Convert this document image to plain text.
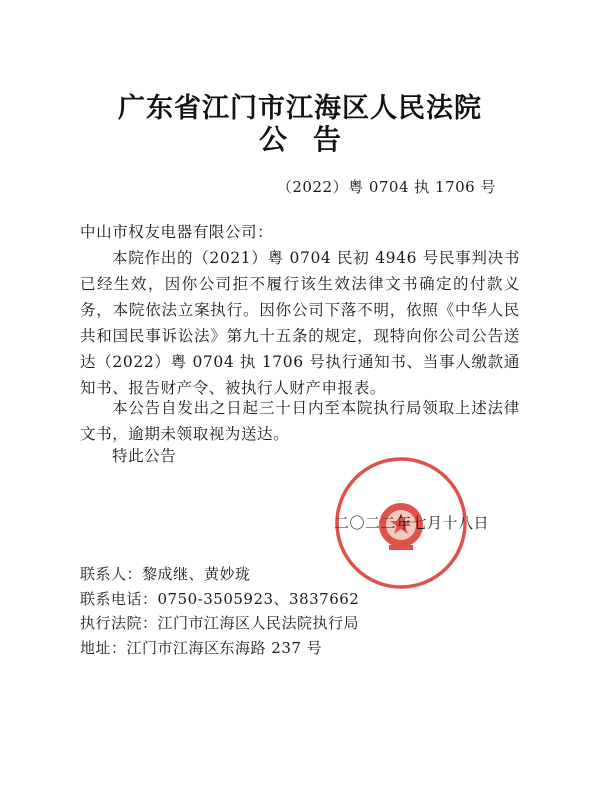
广东省江门市江海区人民法院
公告
（2022）粤 0704 执 1706 号
中山市权友电器有限公司：
本院作出的（2021）粤 0704 民初 4946 号民事判决书已经生效，因你公司拒不履行该生效法律文书确定的付款义务，本院依法立案执行。因你公司下落不明，依照《中华人民共和国民事诉讼法》第九十五条的规定，现特向你公司公告送达（2022）粤 0704 执 1706 号执行通知书、当事人缴款通知书、报告财产令、被执行人财产申报表。
本公告自发出之日起三十日内至本院执行局领取上述法律文书，逾期未领取视为送达。
特此公告
二〇二二年七月十八日
联系人：黎成继、黄妙珑
联系电话：0750-3505923、3837662
执行法院：江门市江海区人民法院执行局
地址：江门市江海区东海路 237 号
